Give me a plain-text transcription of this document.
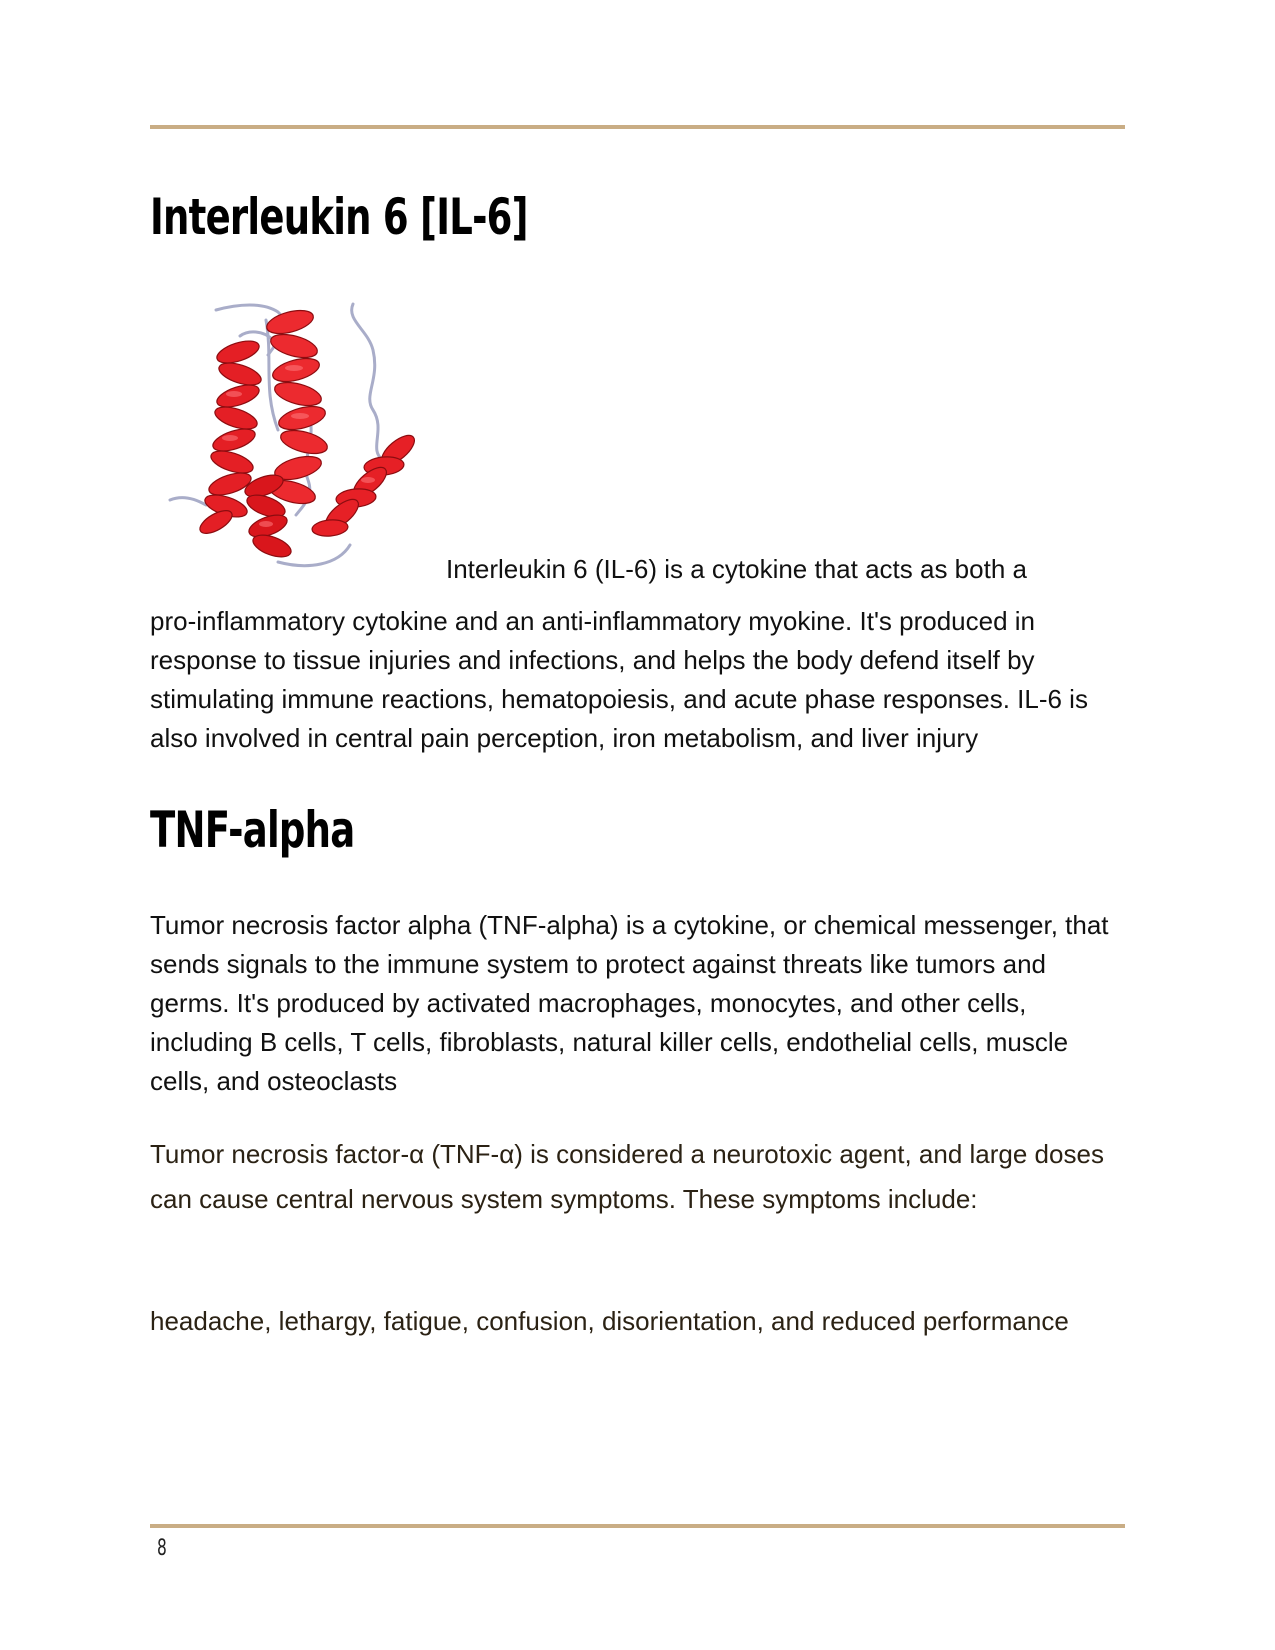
Interleukin 6 [IL-6]

Interleukin 6 (IL-6) is a cytokine that acts as both a

pro-inflammatory cytokine and an anti-inflammatory myokine. It's produced in response to tissue injuries and infections, and helps the body defend itself by stimulating immune reactions, hematopoiesis, and acute phase responses. IL-6 is also involved in central pain perception, iron metabolism, and liver injury

TNF-alpha

Tumor necrosis factor alpha (TNF-alpha) is a cytokine, or chemical messenger, that sends signals to the immune system to protect against threats like tumors and germs. It's produced by activated macrophages, monocytes, and other cells, including B cells, T cells, fibroblasts, natural killer cells, endothelial cells, muscle cells, and osteoclasts

Tumor necrosis factor-α (TNF-α) is considered a neurotoxic agent, and large doses can cause central nervous system symptoms. These symptoms include:

headache, lethargy, fatigue, confusion, disorientation, and reduced performance

8
